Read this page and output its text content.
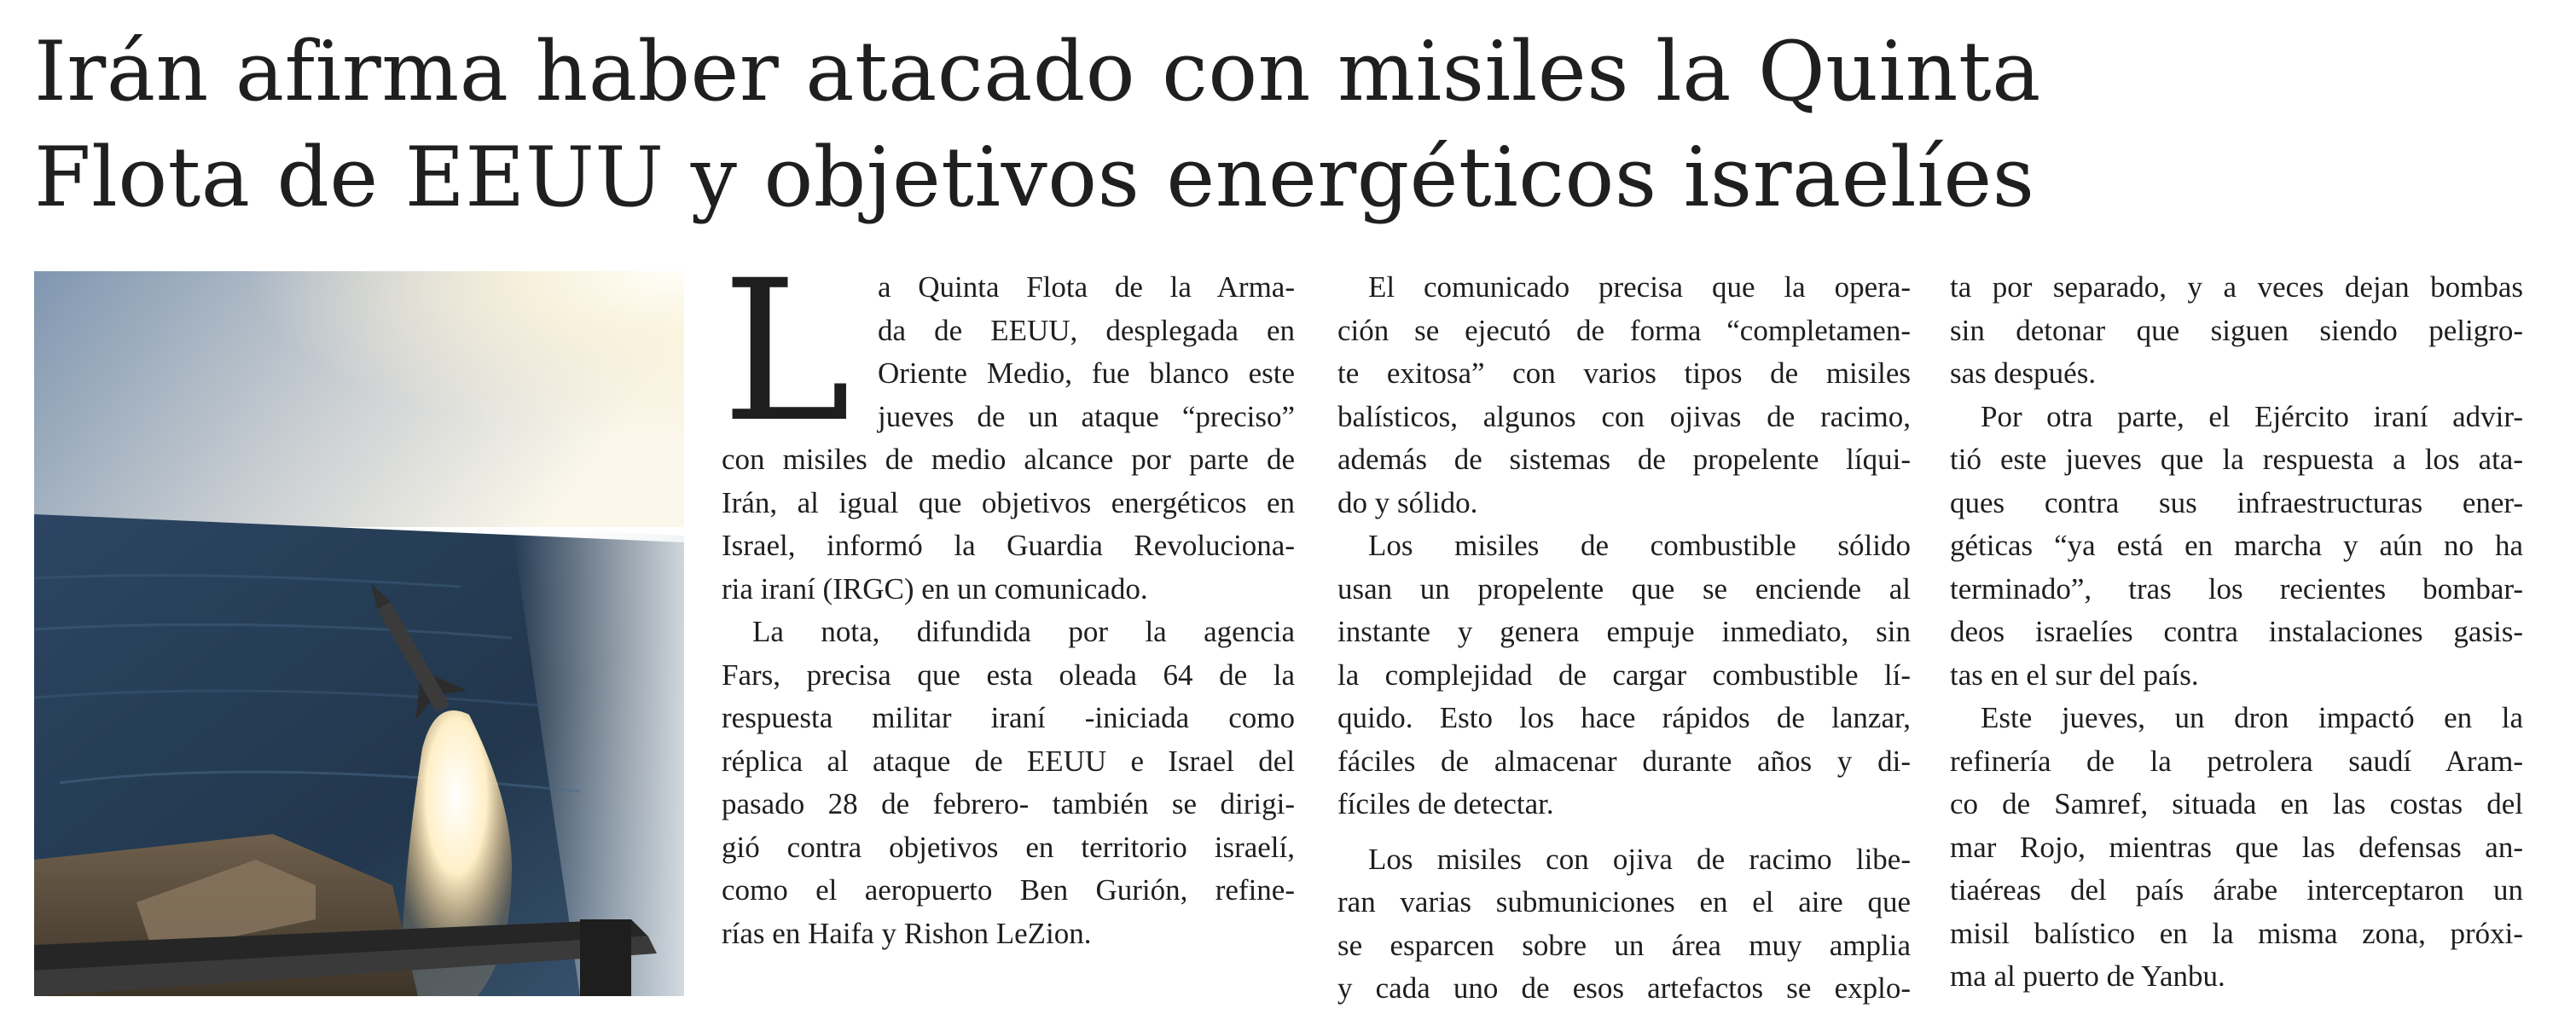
Irán afirma haber atacado con misiles la Quinta
Flota de EEUU y objetivos energéticos israelíes
L a Quinta Flota de la Arma-
da de EEUU, desplegada en
Oriente Medio, fue blanco este
jueves de un ataque “preciso”
con misiles de medio alcance por parte de
Irán, al igual que objetivos energéticos en
Israel, informó la Guardia Revoluciona-
ria iraní (IRGC) en un comunicado.
La nota, difundida por la agencia
Fars, precisa que esta oleada 64 de la
respuesta militar iraní -iniciada como
réplica al ataque de EEUU e Israel del
pasado 28 de febrero- también se dirigi-
gió contra objetivos en territorio israelí,
como el aeropuerto Ben Gurión, refine-
rías en Haifa y Rishon LeZion.
El comunicado precisa que la opera-
ción se ejecutó de forma “completamen-
te exitosa” con varios tipos de misiles
balísticos, algunos con ojivas de racimo,
además de sistemas de propelente líqui-
do y sólido.
Los misiles de combustible sólido
usan un propelente que se enciende al
instante y genera empuje inmediato, sin
la complejidad de cargar combustible lí-
quido. Esto los hace rápidos de lanzar,
fáciles de almacenar durante años y di-
fíciles de detectar.
Los misiles con ojiva de racimo libe-
ran varias submuniciones en el aire que
se esparcen sobre un área muy amplia
y cada uno de esos artefactos se explo-
ta por separado, y a veces dejan bombas
sin detonar que siguen siendo peligro-
sas después.
Por otra parte, el Ejército iraní advir-
tió este jueves que la respuesta a los ata-
ques contra sus infraestructuras ener-
géticas “ya está en marcha y aún no ha
terminado”, tras los recientes bombar-
deos israelíes contra instalaciones gasis-
tas en el sur del país.
Este jueves, un dron impactó en la
refinería de la petrolera saudí Aram-
co de Samref, situada en las costas del
mar Rojo, mientras que las defensas an-
tiaéreas del país árabe interceptaron un
misil balístico en la misma zona, próxi-
ma al puerto de Yanbu.
